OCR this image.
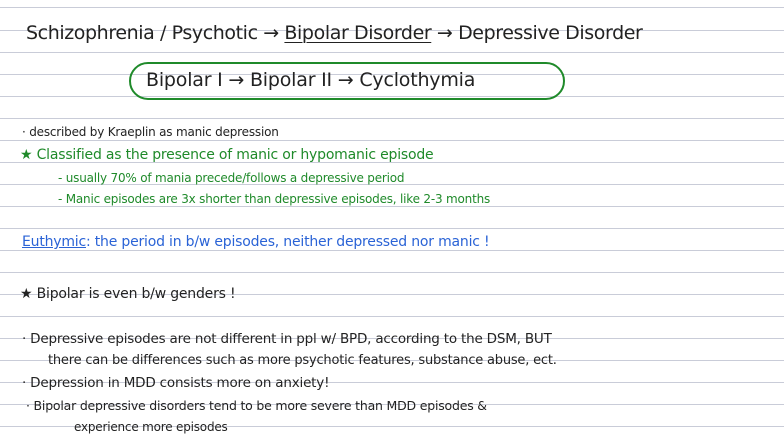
Schizophrenia / Psychotic → Bipolar Disorder → Depressive Disorder
Bipolar I → Bipolar II → Cyclothymia
· described by Kraeplin as manic depression
★ Classified as the presence of manic or hypomanic episode
- usually 70% of mania precede/follows a depressive period
- Manic episodes are 3x shorter than depressive episodes, like 2-3 months
Euthymic: the period in b/w episodes, neither depressed nor manic !
★ Bipolar is even b/w genders !
· Depressive episodes are not different in ppl w/ BPD, according to the DSM, BUT
there can be differences such as more psychotic features, substance abuse, ect.
· Depression in MDD consists more on anxiety!
· Bipolar depressive disorders tend to be more severe than MDD episodes &
experience more episodes
